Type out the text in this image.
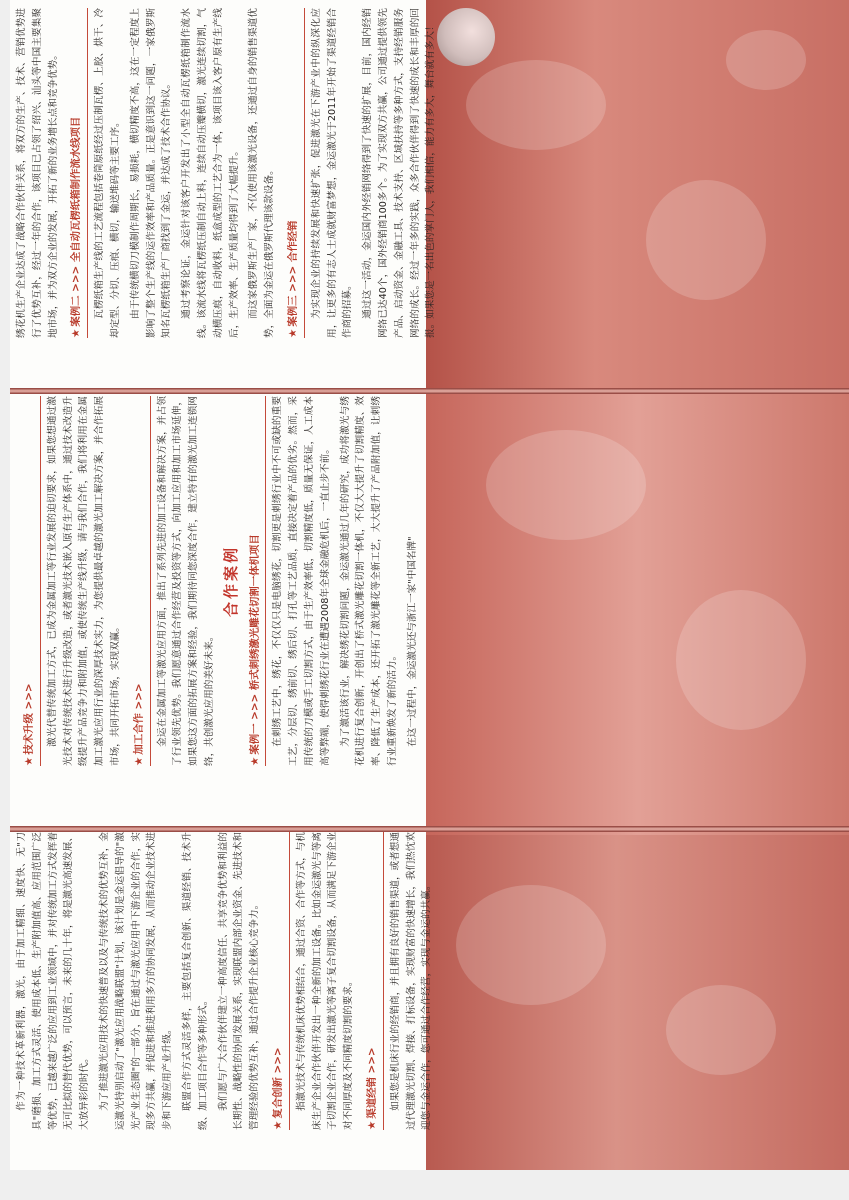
作为一种技术革新利器，激光，由于加工精细、速度快、无"刀具"磨损、加工方式灵活、使用成本低、生产附加值高、应用范围广泛等优势，已越来越广泛的应用到工业领域中，并对传统加工方式发挥着无可比拟的替代优势，可以预言，未来的几十年，将是激光高速发展、大放异彩的时代。 为了推进激光应用技术的快速普及以及与传统技术的优势互补，金运激光特别启动了"激光应用战略联盟"计划，该计划是金运倡导的"激光产业生态圈"的一部分，旨在通过与激光应用中下游企业的合作，实现多方共赢，并促进和推进利用多方的协同发展，从而推动企业技术进步和下游应用产业升级。 联盟合作方式灵活多样，主要包括复合创新、渠道经销、技术升级、加工项目合作等多种形式。 我们愿与广大合作伙伴建立一种高度信任、共享竞争优势和利益的长期性、战略性的协同发展关系，实现联盟内部企业资金、先进技术和管理经验的优势互补，通过合作提升企业核心竞争力。 ★复合创新 >>>	指激光技术与传统机床优势相结合，通过合资、合作等方式，与机床生产企业合作伙伴开发出一种全新的加工设备。比如金运激光与等离子切割企业合作，研发出激光等离子复合切割设备，从而满足下游企业对不同厚度及不同精度切割的要求。 ★渠道经销 >>>	如果您是机床行业的经销商，并且拥有良好的销售渠道，或者想通过代理激光切割、焊接、打标设备，实现财富的快速增长，我们热忱欢迎您与金运合作，您可通过合作经营，实现与金运的共赢。

★技术升级 >>>	激光代替传统加工方式，已成为金属加工等行业发展的迫切要求，如果您想通过激光技术对传统技术进行升级改造，或者激光技术嵌入原有生产体系中，通过技术改造升级提升产品竞争力和附加值，或使传统生产线升级，请与我们合作，我们将利用在金属加工激光应用行业的深厚技术实力，为您提供最卓越的激光加工解决方案，并合作拓展市场，共同开拓市场，实现双赢。 ★加工合作 >>>	金运在金属加工等激光应用方面，推出了系列先进的加工设备和解决方案，并占领了行业领先优势。我们愿意通过合作经营及投资等方式，向加工应用和加工市场延伸，如果您这方面的拓展方案和经验，我们期待同您深度合作，建立特有的激光加工连锁网络，共创激光应用的美好未来。

合作案例
★案例一 >>> 桥式刺绣激光雕花切割一体机项目	在刺绣工艺中，绣花，不仅仅只是电脑绣花，切割更是刺绣行业中不可或缺的重要工艺，分层切、绣前切、绣后切、打孔等工艺品质，直接决定着产品的优劣。然而，采用传统的刀模或手工切割方式，由于生产效率低，切割精度低，质量无保证，人工成本高等弊端，使得刺绣花行业在遭遇2008年全球金融危机后，一直止步不前。 为了激活该行业，解决绣花切割问题，金运激光通过几年的研究，成功将激光与绣花机进行复合创新，开创出了桥式激光雕花切割一体机，不仅大大提升了切割精度、效率、降低了生产成本，还开拓了激光雕花等全新工艺，大大提升了产品附加值，让刺绣行业重新焕发了新的活力。 在这一过程中，金运激光还与浙江一家"中国名牌"

绣花机生产企业达成了战略合作伙伴关系，将双方的生产、技术、营销优势进行了优势互补，经过一年的合作，该项目已占领了绍兴、汕头等中国主要集聚地市场，并为双方企业的发展，开拓了新的业务增长点和竞争优势。 ★案例二 >>> 全自动瓦楞纸箱制作流水线项目	瓦楞纸箱生产线的工艺流程包括卷筒原纸经过压制瓦楞、上胶、烘干、冷却定型、分切、压痕、横切，输送堆码等主要工序。 由于传统横切刀模制作周期长，易损耗，横切精度不高，这在一定程度上影响了整个生产线的运作效率和产品质量。正是意识到这一问题，一家俄罗斯知名瓦楞纸箱生产厂商找到了金运，并达成了技术合作协议。 通过考察论证，金运针对该客户开发出了小型全自动瓦楞纸箱制作流水线。该流水线将瓦楞纸压制自动上料，连续自动压瓣横切，激光连续切割，气动横压痕，自动收料，纸盒成型的工艺合为一体，该项目该入客户原有生产线后，生产效率、生产质量均得到了大幅提升。 而这家俄罗斯生产厂家，不仅使用该激光设备，还通过自身的销售渠道优势，全面为金运在俄罗斯代理该款设备。 ★案例三 >>> 合作经销	为实现企业的持续发展和快速扩张，促进激光在下游产业中的纵深化应用，让更多的有志人士成就财富梦想，金运激光于2011年开始了渠道经销合作商的招募。 通过这一活动，金运国内外经销网络得到了快速的扩展，目前，国内经销网络已达40个，国外经销商100多个。为了实现双方共赢，公司通过提供领先产品、启动资金、金融工具、技术支持、区域扶持等多种方式，支持经销服务网络的成长。经过一年多的实践，众多合作伙伴得到了快速的成长和丰厚的回报。如果您是一名出色的掌门人，我们相信，能力有多大，舞台就有多大！
